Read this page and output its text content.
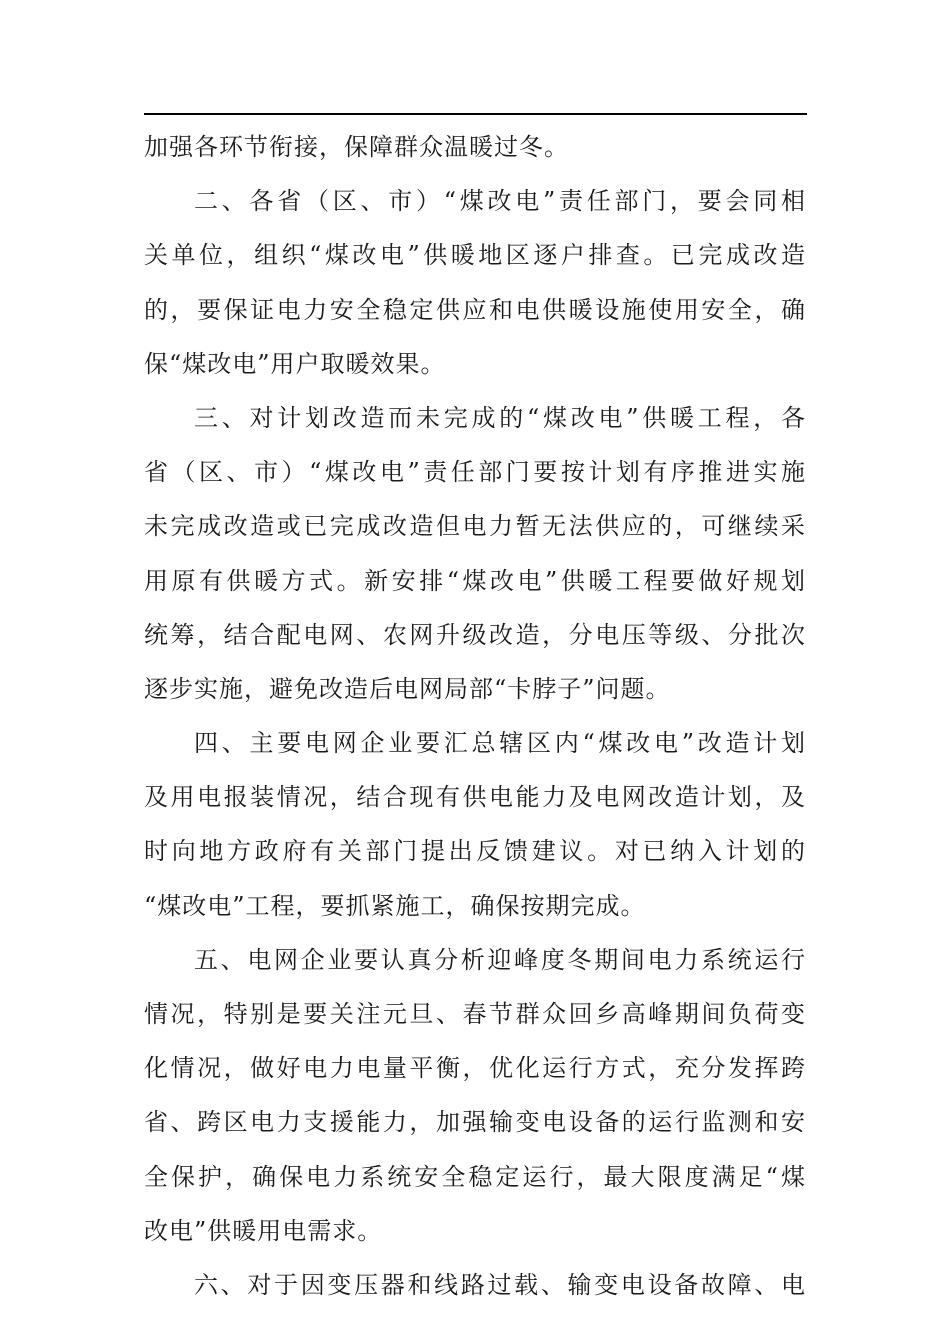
加强各环节衔接，保障群众温暖过冬。
二、各省（区、市）“煤改电”责任部门，要会同相
关单位，组织“煤改电”供暖地区逐户排查。已完成改造
的，要保证电力安全稳定供应和电供暖设施使用安全，确
保“煤改电”用户取暖效果。
三、对计划改造而未完成的“煤改电”供暖工程，各
省（区、市）“煤改电”责任部门要按计划有序推进实施
未完成改造或已完成改造但电力暂无法供应的，可继续采
用原有供暖方式。新安排“煤改电”供暖工程要做好规划
统筹，结合配电网、农网升级改造，分电压等级、分批次
逐步实施，避免改造后电网局部“卡脖子”问题。
四、主要电网企业要汇总辖区内“煤改电”改造计划
及用电报装情况，结合现有供电能力及电网改造计划，及
时向地方政府有关部门提出反馈建议。对已纳入计划的
“煤改电”工程，要抓紧施工，确保按期完成。
五、电网企业要认真分析迎峰度冬期间电力系统运行
情况，特别是要关注元旦、春节群众回乡高峰期间负荷变
化情况，做好电力电量平衡，优化运行方式，充分发挥跨
省、跨区电力支援能力，加强输变电设备的运行监测和安
全保护，确保电力系统安全稳定运行，最大限度满足“煤
改电”供暖用电需求。
六、对于因变压器和线路过载、输变电设备故障、电
